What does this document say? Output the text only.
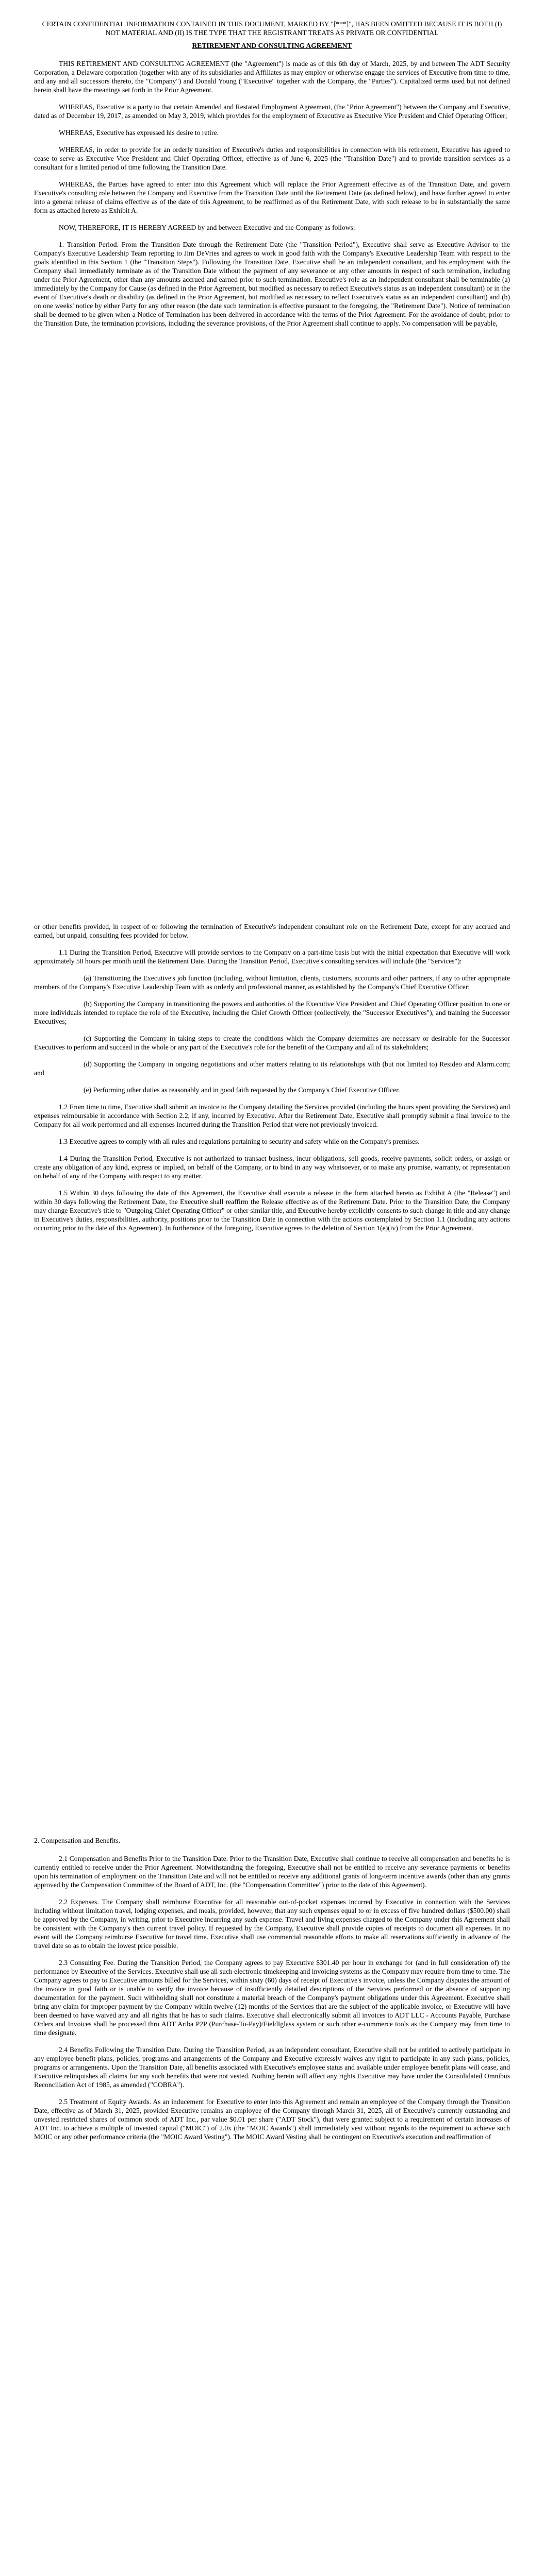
CERTAIN CONFIDENTIAL INFORMATION CONTAINED IN THIS DOCUMENT, MARKED BY "[***]", HAS BEEN OMITTED BECAUSE IT IS BOTH (I) NOT MATERIAL AND (II) IS THE TYPE THAT THE REGISTRANT TREATS AS PRIVATE OR CONFIDENTIAL

RETIREMENT AND CONSULTING AGREEMENT

THIS RETIREMENT AND CONSULTING AGREEMENT (the "Agreement") is made as of this 6th day of March, 2025, by and between The ADT Security Corporation, a Delaware corporation (together with any of its subsidiaries and Affiliates as may employ or otherwise engage the services of Executive from time to time, and any and all successors thereto, the "Company") and Donald Young ("Executive" together with the Company, the "Parties"). Capitalized terms used but not defined herein shall have the meanings set forth in the Prior Agreement.

WHEREAS, Executive is a party to that certain Amended and Restated Employment Agreement, (the "Prior Agreement") between the Company and Executive, dated as of December 19, 2017, as amended on May 3, 2019, which provides for the employment of Executive as Executive Vice President and Chief Operating Officer;

WHEREAS, Executive has expressed his desire to retire.

WHEREAS, in order to provide for an orderly transition of Executive's duties and responsibilities in connection with his retirement, Executive has agreed to cease to serve as Executive Vice President and Chief Operating Officer, effective as of June 6, 2025 (the "Transition Date") and to provide transition services as a consultant for a limited period of time following the Transition Date.

WHEREAS, the Parties have agreed to enter into this Agreement which will replace the Prior Agreement effective as of the Transition Date, and govern Executive's consulting role between the Company and Executive from the Transition Date until the Retirement Date (as defined below), and have further agreed to enter into a general release of claims effective as of the date of this Agreement, to be reaffirmed as of the Retirement Date, with such release to be in substantially the same form as attached hereto as Exhibit A.

NOW, THEREFORE, IT IS HEREBY AGREED by and between Executive and the Company as follows:

1. Transition Period. From the Transition Date through the Retirement Date (the "Transition Period"), Executive shall serve as Executive Advisor to the Company's Executive Leadership Team reporting to Jim DeVries and agrees to work in good faith with the Company's Executive Leadership Team with respect to the goals identified in this Section 1 (the "Transition Steps"). Following the Transition Date, Executive shall be an independent consultant, and his employment with the Company shall immediately terminate as of the Transition Date without the payment of any severance or any other amounts in respect of such termination, including under the Prior Agreement, other than any amounts accrued and earned prior to such termination. Executive's role as an independent consultant shall be terminable (a) immediately by the Company for Cause (as defined in the Prior Agreement, but modified as necessary to reflect Executive's status as an independent consultant) or in the event of Executive's death or disability (as defined in the Prior Agreement, but modified as necessary to reflect Executive's status as an independent consultant) and (b) on one weeks' notice by either Party for any other reason (the date such termination is effective pursuant to the foregoing, the "Retirement Date"). Notice of termination shall be deemed to be given when a Notice of Termination has been delivered in accordance with the terms of the Prior Agreement. For the avoidance of doubt, prior to the Transition Date, the termination provisions, including the severance provisions, of the Prior Agreement shall continue to apply. No compensation will be payable,

or other benefits provided, in respect of or following the termination of Executive's independent consultant role on the Retirement Date, except for any accrued and earned, but unpaid, consulting fees provided for below.

1.1 During the Transition Period, Executive will provide services to the Company on a part-time basis but with the initial expectation that Executive will work approximately 50 hours per month until the Retirement Date. During the Transition Period, Executive's consulting services will include (the "Services"):

(a) Transitioning the Executive's job function (including, without limitation, clients, customers, accounts and other partners, if any to other appropriate members of the Company's Executive Leadership Team with as orderly and professional manner, as established by the Company's Chief Executive Officer;

(b) Supporting the Company in transitioning the powers and authorities of the Executive Vice President and Chief Operating Officer position to one or more individuals intended to replace the role of the Executive, including the Chief Growth Officer (collectively, the "Successor Executives"), and training the Successor Executives;

(c) Supporting the Company in taking steps to create the conditions which the Company determines are necessary or desirable for the Successor Executives to perform and succeed in the whole or any part of the Executive's role for the benefit of the Company and all of its stakeholders;

(d) Supporting the Company in ongoing negotiations and other matters relating to its relationships with (but not limited to) Resideo and Alarm.com; and

(e) Performing other duties as reasonably and in good faith requested by the Company's Chief Executive Officer.

1.2 From time to time, Executive shall submit an invoice to the Company detailing the Services provided (including the hours spent providing the Services) and expenses reimbursable in accordance with Section 2.2, if any, incurred by Executive. After the Retirement Date, Executive shall promptly submit a final invoice to the Company for all work performed and all expenses incurred during the Transition Period that were not previously invoiced.

1.3 Executive agrees to comply with all rules and regulations pertaining to security and safety while on the Company's premises.

1.4 During the Transition Period, Executive is not authorized to transact business, incur obligations, sell goods, receive payments, solicit orders, or assign or create any obligation of any kind, express or implied, on behalf of the Company, or to bind in any way whatsoever, or to make any promise, warranty, or representation on behalf of any of the Company with respect to any matter.

1.5 Within 30 days following the date of this Agreement, the Executive shall execute a release in the form attached hereto as Exhibit A (the "Release") and within 30 days following the Retirement Date, the Executive shall reaffirm the Release effective as of the Retirement Date. Prior to the Transition Date, the Company may change Executive's title to "Outgoing Chief Operating Officer" or other similar title, and Executive hereby explicitly consents to such change in title and any change in Executive's duties, responsibilities, authority, positions prior to the Transition Date in connection with the actions contemplated by Section 1.1 (including any actions occurring prior to the date of this Agreement). In furtherance of the foregoing, Executive agrees to the deletion of Section 1(e)(iv) from the Prior Agreement.

2. Compensation and Benefits.

2.1 Compensation and Benefits Prior to the Transition Date. Prior to the Transition Date, Executive shall continue to receive all compensation and benefits he is currently entitled to receive under the Prior Agreement. Notwithstanding the foregoing, Executive shall not be entitled to receive any severance payments or benefits upon his termination of employment on the Transition Date and will not be entitled to receive any additional grants of long-term incentive awards (other than any grants approved by the Compensation Committee of the Board of ADT, Inc. (the "Compensation Committee") prior to the date of this Agreement).

2.2 Expenses. The Company shall reimburse Executive for all reasonable out-of-pocket expenses incurred by Executive in connection with the Services including without limitation travel, lodging expenses, and meals, provided, however, that any such expenses equal to or in excess of five hundred dollars ($500.00) shall be approved by the Company, in writing, prior to Executive incurring any such expense. Travel and living expenses charged to the Company under this Agreement shall be consistent with the Company's then current travel policy. If requested by the Company, Executive shall provide copies of receipts to document all expenses. In no event will the Company reimburse Executive for travel time. Executive shall use commercial reasonable efforts to make all reservations sufficiently in advance of the travel date so as to obtain the lowest price possible.

2.3 Consulting Fee. During the Transition Period, the Company agrees to pay Executive $301.40 per hour in exchange for (and in full consideration of) the performance by Executive of the Services. Executive shall use all such electronic timekeeping and invoicing systems as the Company may require from time to time. The Company agrees to pay to Executive amounts billed for the Services, within sixty (60) days of receipt of Executive's invoice, unless the Company disputes the amount of the invoice in good faith or is unable to verify the invoice because of insufficiently detailed descriptions of the Services performed or the absence of supporting documentation for the payment. Such withholding shall not constitute a material breach of the Company's payment obligations under this Agreement. Executive shall bring any claim for improper payment by the Company within twelve (12) months of the Services that are the subject of the applicable invoice, or Executive will have been deemed to have waived any and all rights that he has to such claims. Executive shall electronically submit all invoices to ADT LLC - Accounts Payable, Purchase Orders and Invoices shall be processed thru ADT Ariba P2P (Purchase-To-Pay)/FieldIglass system or such other e-commerce tools as the Company may from time to time designate.

2.4 Benefits Following the Transition Date. During the Transition Period, as an independent consultant, Executive shall not be entitled to actively participate in any employee benefit plans, policies, programs and arrangements of the Company and Executive expressly waives any right to participate in any such plans, policies, programs or arrangements. Upon the Transition Date, all benefits associated with Executive's employee status and available under employee benefit plans will cease, and Executive relinquishes all claims for any such benefits that were not vested. Nothing herein will affect any rights Executive may have under the Consolidated Omnibus Reconciliation Act of 1985, as amended ("COBRA").

2.5 Treatment of Equity Awards. As an inducement for Executive to enter into this Agreement and remain an employee of the Company through the Transition Date, effective as of March 31, 2025, provided Executive remains an employee of the Company through March 31, 2025, all of Executive's currently outstanding and unvested restricted shares of common stock of ADT Inc., par value $0.01 per share ("ADT Stock"), that were granted subject to a requirement of certain increases of ADT Inc. to achieve a multiple of invested capital ("MOIC") of 2.0x (the "MOIC Awards") shall immediately vest without regards to the requirement to achieve such MOIC or any other performance criteria (the "MOIC Award Vesting"). The MOIC Award Vesting shall be contingent on Executive's execution and reaffirmation of
